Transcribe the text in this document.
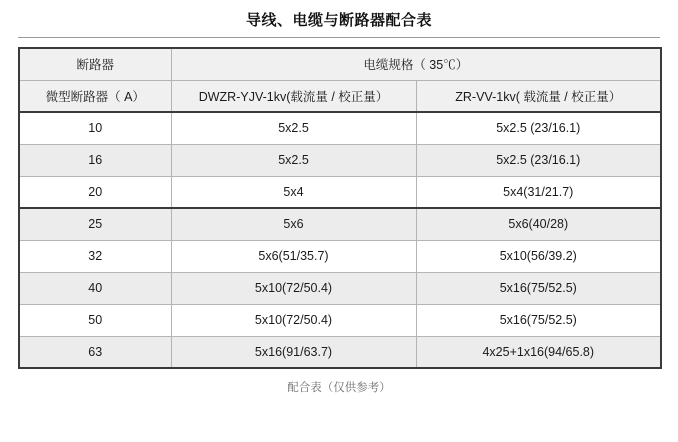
导线、电缆与断路器配合表
断路器	电缆规格（ 35℃）	
微型断路器（ A）	DWZR-YJV-1kv(载流量 / 校正量）	ZR-VV-1kv( 载流量 / 校正量）
10	5x2.5	5x2.5 (23/16.1)
16	5x2.5	5x2.5 (23/16.1)
20	5x4	5x4(31/21.7)
25	5x6	5x6(40/28)
32	5x6(51/35.7)	5x10(56/39.2)
40	5x10(72/50.4)	5x16(75/52.5)
50	5x10(72/50.4)	5x16(75/52.5)
63	5x16(91/63.7)	4x25+1x16(94/65.8)
配合表（仅供参考）
